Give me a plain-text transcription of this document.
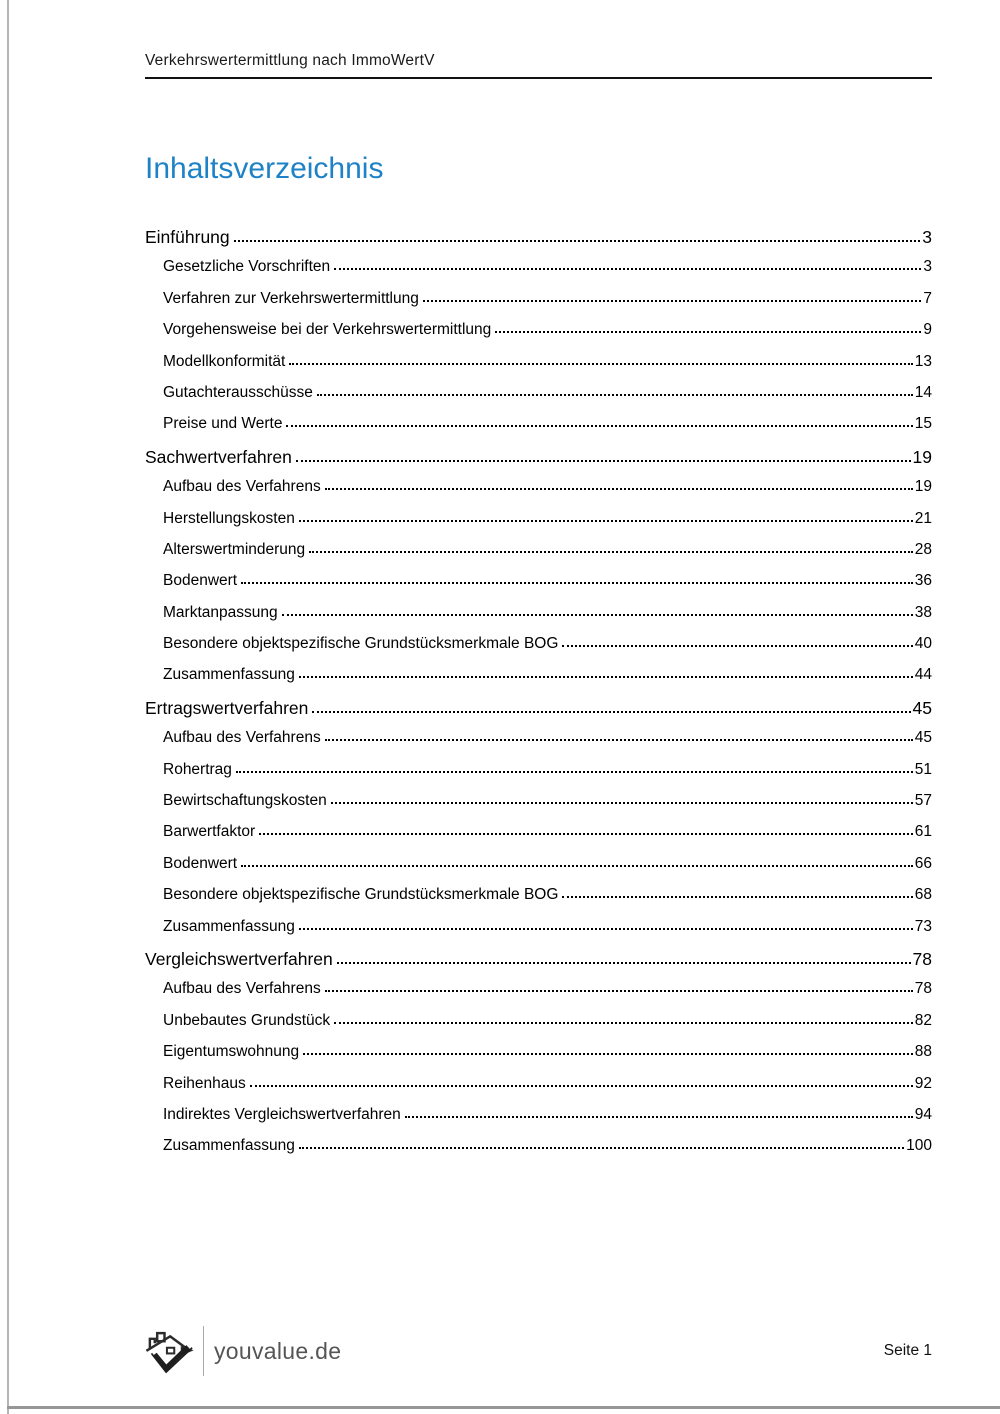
Verkehrswertermittlung nach ImmoWertV
Inhaltsverzeichnis
Einführung	3
Gesetzliche Vorschriften	3
Verfahren zur Verkehrswertermittlung	7
Vorgehensweise bei der Verkehrswertermittlung	9
Modellkonformität	13
Gutachterausschüsse	14
Preise und Werte	15
Sachwertverfahren	19
Aufbau des Verfahrens	19
Herstellungskosten	21
Alterswertminderung	28
Bodenwert	36
Marktanpassung	38
Besondere objektspezifische Grundstücksmerkmale BOG	40
Zusammenfassung	44
Ertragswertverfahren	45
Aufbau des Verfahrens	45
Rohertrag	51
Bewirtschaftungskosten	57
Barwertfaktor	61
Bodenwert	66
Besondere objektspezifische Grundstücksmerkmale BOG	68
Zusammenfassung	73
Vergleichswertverfahren	78
Aufbau des Verfahrens	78
Unbebautes Grundstück	82
Eigentumswohnung	88
Reihenhaus	92
Indirektes Vergleichswertverfahren	94
Zusammenfassung	100
youvalue.de	Seite 1
